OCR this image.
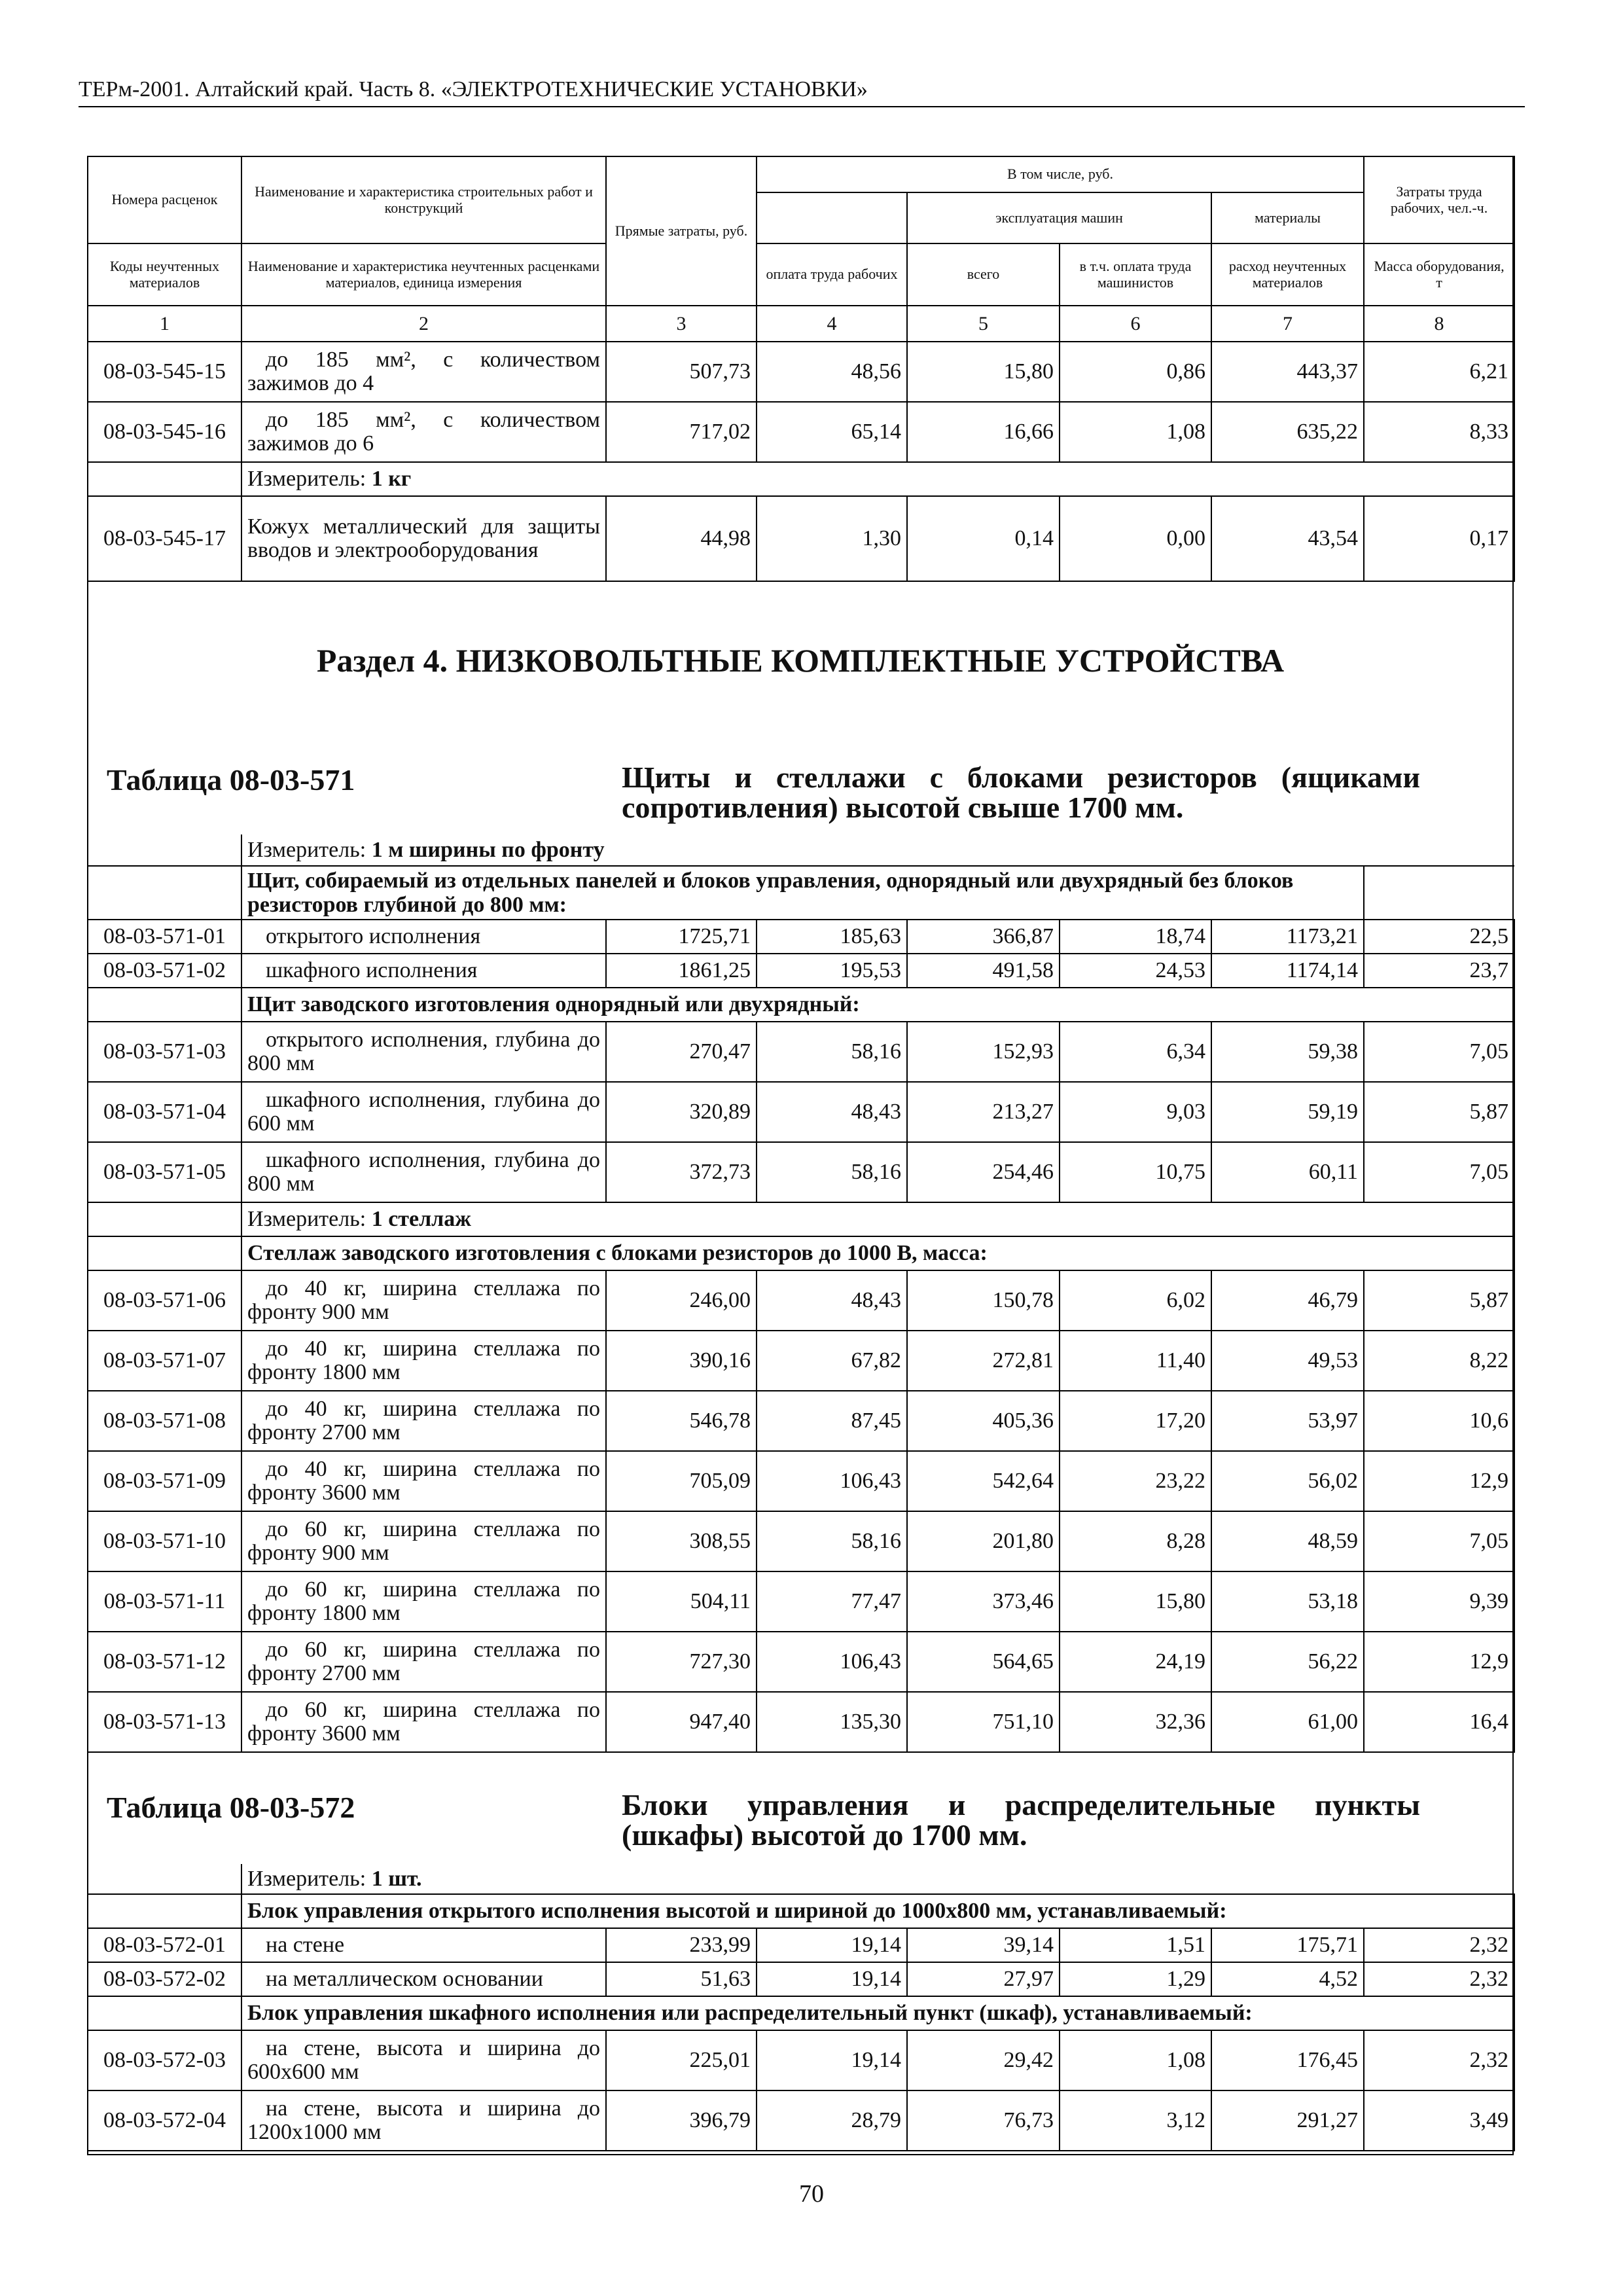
ТЕРм-2001. Алтайский край. Часть 8. «ЭЛЕКТРОТЕХНИЧЕСКИЕ УСТАНОВКИ»
Номера расценок	Наименование и характеристика строительных работ и конструкций	Прямые затраты, руб.	В том числе, руб.				Затраты труда рабочих, чел.-ч.
				эксплуатация машин		материалы	
Коды неучтенных материалов	Наименование и характеристика неучтенных расценками материалов, единица измерения		оплата труда рабочих	всего	в т.ч. оплата труда машинистов	расход неучтенных материалов	Масса оборудования, т
1	2	3	4	5	6	7	8
08-03-545-15	до 185 мм², с количеством зажимов до 4	507,73	48,56	15,80	0,86	443,37	6,21
08-03-545-16	до 185 мм², с количеством зажимов до 6	717,02	65,14	16,66	1,08	635,22	8,33
	Измеритель: 1 кг						
08-03-545-17	Кожух металлический для защиты вводов и электрооборудования	44,98	1,30	0,14	0,00	43,54	0,17
Раздел 4. НИЗКОВОЛЬТНЫЕ КОМПЛЕКТНЫЕ УСТРОЙСТВА
Таблица 08-03-571	Щиты и стеллажи с блоками резисторов (ящиками сопротивления) высотой свыше 1700 мм.
	Измеритель: 1 м ширины по фронту						
	Щит, собираемый из отдельных панелей и блоков управления, однорядный или двухрядный без блоков резисторов глубиной до 800 мм:						
08-03-571-01	открытого исполнения	1725,71	185,63	366,87	18,74	1173,21	22,5
08-03-571-02	шкафного исполнения	1861,25	195,53	491,58	24,53	1174,14	23,7
	Щит заводского изготовления однорядный или двухрядный:						
08-03-571-03	открытого исполнения, глубина до 800 мм	270,47	58,16	152,93	6,34	59,38	7,05
08-03-571-04	шкафного исполнения, глубина до 600 мм	320,89	48,43	213,27	9,03	59,19	5,87
08-03-571-05	шкафного исполнения, глубина до 800 мм	372,73	58,16	254,46	10,75	60,11	7,05
	Измеритель: 1 стеллаж						
	Стеллаж заводского изготовления с блоками резисторов до 1000 В, масса:						
08-03-571-06	до 40 кг, ширина стеллажа по фронту 900 мм	246,00	48,43	150,78	6,02	46,79	5,87
08-03-571-07	до 40 кг, ширина стеллажа по фронту 1800 мм	390,16	67,82	272,81	11,40	49,53	8,22
08-03-571-08	до 40 кг, ширина стеллажа по фронту 2700 мм	546,78	87,45	405,36	17,20	53,97	10,6
08-03-571-09	до 40 кг, ширина стеллажа по фронту 3600 мм	705,09	106,43	542,64	23,22	56,02	12,9
08-03-571-10	до 60 кг, ширина стеллажа по фронту 900 мм	308,55	58,16	201,80	8,28	48,59	7,05
08-03-571-11	до 60 кг, ширина стеллажа по фронту 1800 мм	504,11	77,47	373,46	15,80	53,18	9,39
08-03-571-12	до 60 кг, ширина стеллажа по фронту 2700 мм	727,30	106,43	564,65	24,19	56,22	12,9
08-03-571-13	до 60 кг, ширина стеллажа по фронту 3600 мм	947,40	135,30	751,10	32,36	61,00	16,4
Таблица 08-03-572	Блоки управления и распределительные пункты (шкафы) высотой до 1700 мм.
	Измеритель: 1 шт.						
	Блок управления открытого исполнения высотой и шириной до 1000х800 мм, устанавливаемый:						
08-03-572-01	на стене	233,99	19,14	39,14	1,51	175,71	2,32
08-03-572-02	на металлическом основании	51,63	19,14	27,97	1,29	4,52	2,32
	Блок управления шкафного исполнения или распределительный пункт (шкаф), устанавливаемый:						
08-03-572-03	на стене, высота и ширина до 600х600 мм	225,01	19,14	29,42	1,08	176,45	2,32
08-03-572-04	на стене, высота и ширина до 1200х1000 мм	396,79	28,79	76,73	3,12	291,27	3,49
70
